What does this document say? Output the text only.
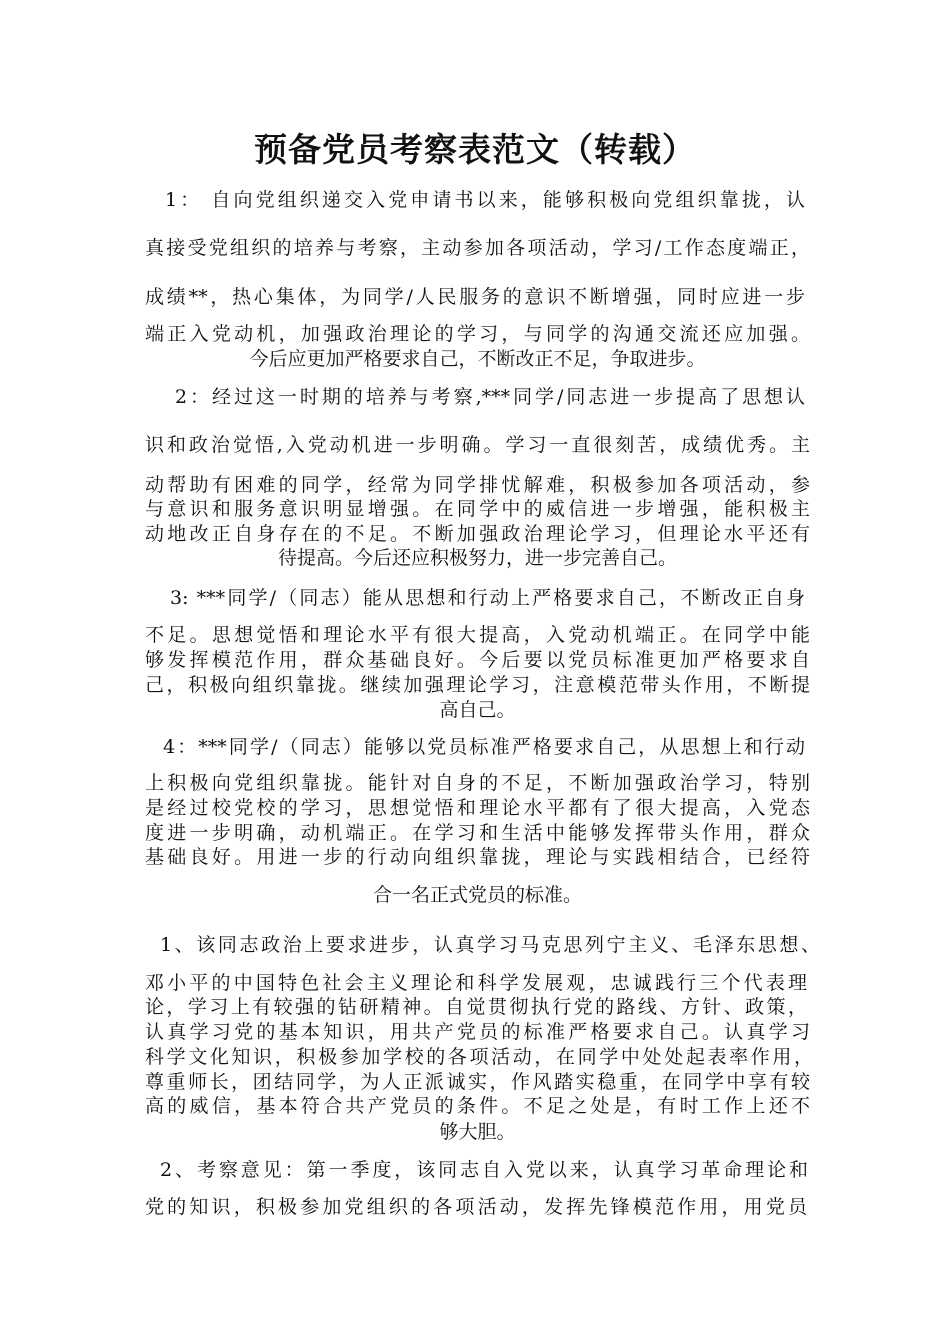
预备党员考察表范文（转载）
1： 自向党组织递交入党申请书以来，能够积极向党组织靠拢，认
真接受党组织的培养与考察，主动参加各项活动，学习/工作态度端正，
成绩**，热心集体，为同学/人民服务的意识不断增强，同时应进一步
端正入党动机，加强政治理论的学习，与同学的沟通交流还应加强。
今后应更加严格要求自己，不断改正不足，争取进步。
2：经过这一时期的培养与考察,***同学/同志进一步提高了思想认
识和政治觉悟,入党动机进一步明确。学习一直很刻苦，成绩优秀。主
动帮助有困难的同学，经常为同学排忧解难，积极参加各项活动，参
与意识和服务意识明显增强。在同学中的威信进一步增强，能积极主
动地改正自身存在的不足。不断加强政治理论学习，但理论水平还有
待提高。今后还应积极努力，进一步完善自己。
3: ***同学/（同志）能从思想和行动上严格要求自己，不断改正自身
不足。思想觉悟和理论水平有很大提高，入党动机端正。在同学中能
够发挥模范作用，群众基础良好。今后要以党员标准更加严格要求自
己，积极向组织靠拢。继续加强理论学习，注意模范带头作用，不断提
高自己。
4：***同学/（同志）能够以党员标准严格要求自己，从思想上和行动
上积极向党组织靠拢。能针对自身的不足，不断加强政治学习，特别
是经过校党校的学习，思想觉悟和理论水平都有了很大提高，入党态
度进一步明确，动机端正。在学习和生活中能够发挥带头作用，群众
基础良好。用进一步的行动向组织靠拢，理论与实践相结合，已经符
合一名正式党员的标准。
1、该同志政治上要求进步，认真学习马克思列宁主义、毛泽东思想、
邓小平的中国特色社会主义理论和科学发展观，忠诚践行三个代表理
论，学习上有较强的钻研精神。自觉贯彻执行党的路线、方针、政策，
认真学习党的基本知识，用共产党员的标准严格要求自己。认真学习
科学文化知识，积极参加学校的各项活动，在同学中处处起表率作用，
尊重师长，团结同学，为人正派诚实，作风踏实稳重，在同学中享有较
高的威信，基本符合共产党员的条件。不足之处是，有时工作上还不
够大胆。
2、考察意见：第一季度，该同志自入党以来，认真学习革命理论和
党的知识，积极参加党组织的各项活动，发挥先锋模范作用，用党员
